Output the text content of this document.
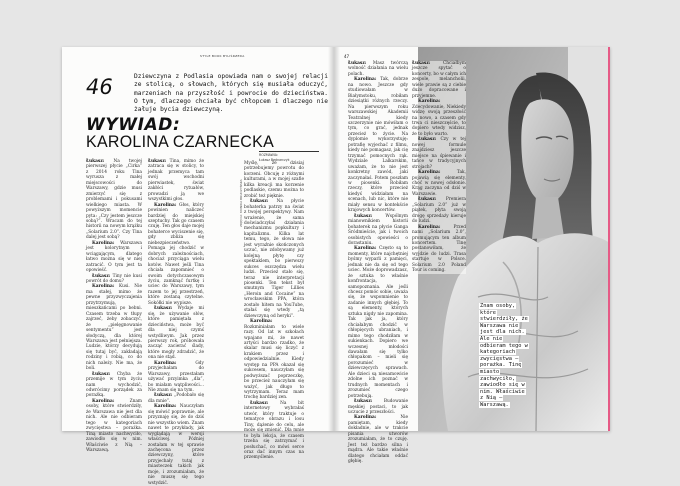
STYLE BOOK BYLIŚRZEDA
46	Dziewczyna z Podlasia opowiada nam o swojej relacji ze stolicą, o słowach, których się musiała oduczyć, marzeniach na przyszłość i powrocie do dzieciństwa. O tym, dlaczego chciała być chłopcem i dlaczego nie żałuje bycia dziewczyną.
WYWIAD:
KAROLINA CZARNECKA
ROZMAWIA:
Łukasz Bednarczyk

Łukasz: Na twojej pierwszej płycie „Cirka” z 2014 roku Tina wyrusza z małej miejscowości do Warszawy, gdzie musi zmierzyć się z problemami i pokusami wielkiego miasta. W powyższym momencie pyta: „Czy jestem jeszcze sobą?”. Wracam do tej historii na nowym krążku „Solarium 2.0”. Czy Tina dalej jest sobą?

Karolina: Warszawa jest kolorytnym i wciągającym, dlatego łatwo można się w niej zatracić. O tym jest ta opowieść.

Łukasz: Tiny nie kusi powrót do domu?

Karolina: Kusi. Nie ma stałej, mimo że pewne przyzwyczajenia przytrzymują, mieszkańcami po bebni. Czasem trzeba w tłupy zajrzeć, żeby zobaczyć, że „pielęgnowanie sentymentu” jest słodyczą, dla której Warszawa jest pełniejsza. Ludzie, którzy decydują się tutaj być, zakładają rodziny i robią, co do nich należy. Nie ma, że boli.

Łukasz: Chybа że przemijе w tym życiu nam wychodzić, odwrócimy porządek za porażką.

Karolina:	Znam osoby, które stwierdziły, że Warszawa nie jest dla nich. Ale nie odbieram tego w kategoriach zwycięstwa – porażka. Tiną miasto nachwyciło, zawiodło się w nim. Właściwie z Nią – Warszawą.

Łukasz: Tina, mimo że zatraca się w stolicy, to jednak przemyca tam swój wschodni pierwiastek, świat zakłóci rytuałów, prowadzi ją we wszystkimi głos.

Karolina: Głos, który powinien naliczeć bardziej do miejskiej szeptuchy. Tak go czasem czuję. Ten głos daje mojej bohaterce wyciszenie się, gdy zbliża się niebezpieczeństwo. Pomaga jej chodzić w dobrych zależnościach, chociaż przyciąga wielu kotów. Nawet jeśli Tina chciała zapomnieć o swoim dotychczasowym życiu, zamknąć furtkę i uciec do Warszawy, tym razem to jej przestrzeń, które zostaną czytelne. Sokółki nie wypisze.

Łukasz: Wydaje mi się, że używanie słów, które pamiętała z dzieciństwa, może być dla niej czymś wstydliwym. Jak przez pierwszy rok, próbowała zacząć zacierać ślady, które mogły zdradzić, że ona nie stąd.

Karolina:	Gdy przyjechałam do Warszawy, przestałam używać przyimka „dla”, bo miałam wątpliwości… Nie znam się na tym.

Łukasz: „Podobało się dla mnie”.

Karolina: Nauczyłam się mówić poprawnie, ale przyznaję się, że do dziś nie wszystko wiem. Znam nawet te przykłady, jak wyglądają w wersji właściwej. Później zostałam w tej sprawie zachęcona przez dziewczyny, które przyjechały tutaj z miasteczek takich jak moje, i zrozumiałam, że nie muszę się tego wstydzić.

Myślę, że dzisiaj potrzebujemy powrotu do korzeni. Obcuję z różnymi kulturami, a w mojej szafie kilka kreacji ma korzenie podlaskie, czemu można to zrobić też pięknie.

Łukasz: Na płycie bohaterka patrzy na świat z twojej perspektywy. Nam wrażenie, że sama doświadczyłaś działania mechanizmu popkultury i kapitalizmu. Kilka lat temu, tego, że słowa nie jest wyraźnie skończonych uczuć, nie zdobywamy już kolejną płytę czy spektaklem, bo pierwszy sukces oszczędza wielu ludzi. Przecież stało się, teraz nie interpretacji piosenki. Ten tekst był smutnym Tiger Lillies „Heroin and Cocaine” na wrocławskim PPA, która zostało hitem na YouTube, stałaś się wtedy „tą dziewczyną od heryki”.

Karolina: Rozkminiałam to wiele razy. Od lat w szkołach wpajano mi, że nawet artyści bardzo rzadko, że skalar musi się liczyć z krakiem przez i odpowiedzialnie. Kiedy występ na PPA okazał się sukcesem, nauczyłam się podwyższać poprzeczkę, bo przecież nauczyłam się ważyć, jak długo to wytrzymam. Teraz mam trochę bardziej zen.

Łukasz:	Na bit internetowy wybrałaś utwór, który traktuje o tematyce obrazu i losu Tiny, dążenie do celu, ale może się zmienić. Dla mnie to była lekcja, że czasem trzeba się zatrzymać i posłuchać, co mówi serce oraz dać innym czas na przemyślenie.

ZDJĘCIA: MONIKA BRUDZYŃSKA
47

Łukasz: Masz twórczą wolność działania na wielu polach.

Karolina: Tak, dobrze na nowo. Jeszcze gdy studiowałam w Białymstoku, robiłam dziesiątki różnych rzeczy. Na pierwszym roku warszawskiej Akademii Teatralnej kiedy szczerzynie nie mówiłam o tym, co grać, jednak przecież to życie. Na dyplomie wykorzystuję: potrafię wyjechać z filmu, kiedy nie pomagasz, jak cię trzymać pomocnych rąk. Wydziale Lalkarskim, uważam, że to nie jest konkretny zawód, jaki zaczynałaś. Potem poszłam w piosenki. Robiłam rzeczy, które przecież kiedyś widziałam na scenach, lub nic, które nie miały sensu w kontekście krajowych koncertów.

Łukasz:	Wspólnym mianownikiem historii bohaterek na płycie Ganga Śródmieście, jak i twoich osobistych opowieści o dorastaniu.

Karolina: Często są to momenty, które najchętniej byśmy wyparli z pamięci, jednak nie da się od tego uciec. Może doprowadzasz, że sztuka to właśnie konfrontacja, samopoznania. Ale jeśli chcesz pomóc sobie, uważa się, że wspomnienie to zadanie innych głębiej. To są elementy, których sztuka nigdy nie zapomina. Tak jak ja, który chciałabym chodzić w chłopięcych ubraniach, i mimo tego chodziłam w sukienkach. Dopiero we wczesnej młodości dawałam się tylko chłopakom – mieli się porozumieć w dziewczęcych sprawach. Ale dzieci są niesamowicie zdolne ich poznać w trudnych momentach i zrozumieć czego potrzebują.

Łukasz:	Budowanie męskiej postaci, to jak uczucie z przeszłości.

Karolina:	Nie pamiętam, kiedy dokładnie, ale w trakcie pisania utworów zrozumiałam, że to czuję. Jest też bardzo silna i mądra. Ale takie właśnie dlatego chciałam oddać głębię.

Łukasz:	Chciałbym jeszcze spytać o koncerty, bo w całym ich zespole, melancholii, wiele prawie są z ciebie dużo dopracowane i przyjemne.

Karolina: Zdecydowanie, Niekiedy widzę swoją przeszłość na nowo, a czasem gdy trwa ci nieszczęście, to dopiero wtedy widzisz, że to było warto.

Łukasz: Czy w tej nowej formule znajdziesz jeszcze miejsce na śpiewanie i tańce w tradycyjnych strojach?

Karolina:	Tak, pojawią się elementy, choć w nowej odsłonie. Krąg zaczyna od dziś w Warszawie.

Łukasz: Premiera „Solarium 2.0” już w piątek, płyta swoją drogę sprzedaży kieruje do ludzi.

Karolina:	Przed nami „Solarium 2.0”, promującym ten album koncertem. Tinę postanowiłam, że wyjdzie do ludzi. Trasa startuje w Polsce. Solarium 2.0 Poland Tour is coming.

Znam osoby, które stwierdziły, że Warszawa nie jest dla nich. Ale nie odbieram tego w kategoriach zwycięstwa – porażka. Tinę miasto zachwyciło, zawiodło się w nim. Właściwie z Nią – Warszawą.
